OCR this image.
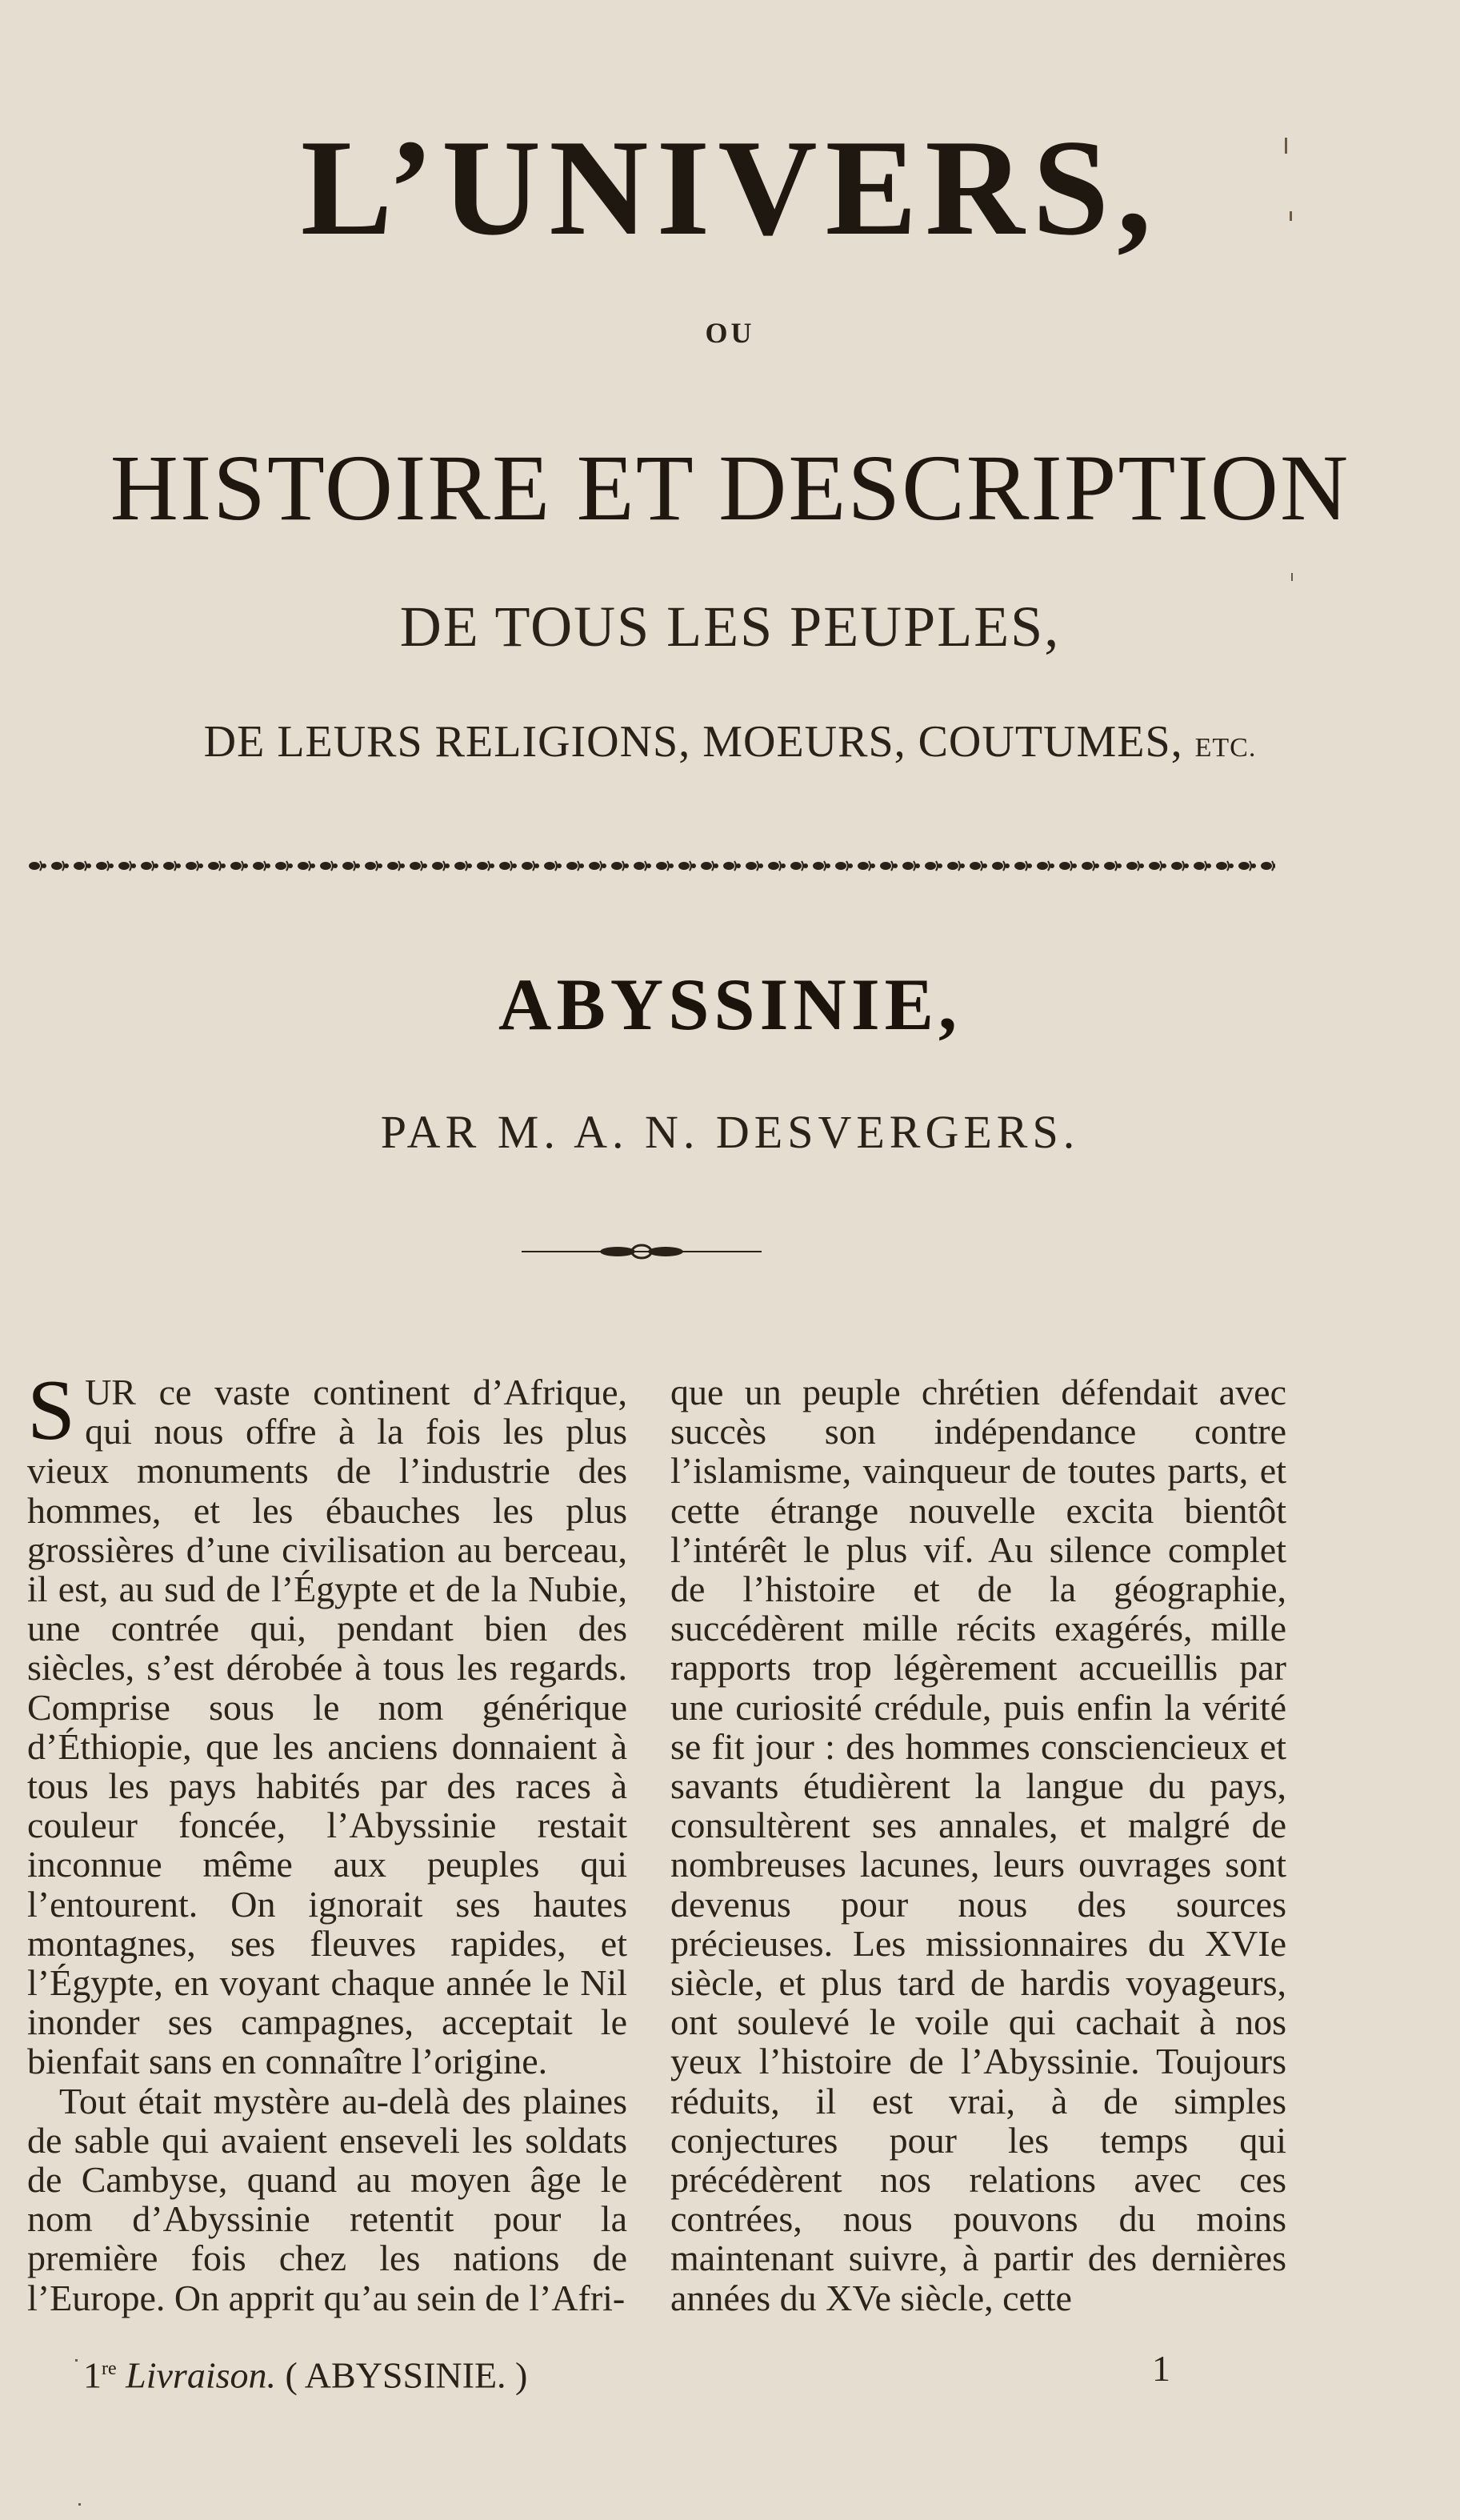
L’UNIVERS,
OU
HISTOIRE ET DESCRIPTION
DE TOUS LES PEUPLES,
DE LEURS RELIGIONS, MOEURS, COUTUMES, ETC.
ABYSSINIE,
PAR M. A. N. DESVERGERS.

SUR ce vaste continent d’Afrique, qui nous offre à la fois les plus vieux monuments de l’industrie des hommes, et les ébauches les plus grossières d’une civilisation au berceau, il est, au sud de l’Égypte et de la Nubie, une contrée qui, pendant bien des siècles, s’est dérobée à tous les regards. Comprise sous le nom générique d’Éthiopie, que les anciens donnaient à tous les pays habités par des races à couleur foncée, l’Abyssinie restait inconnue même aux peuples qui l’entourent. On ignorait ses hautes montagnes, ses fleuves rapides, et l’Égypte, en voyant chaque année le Nil inonder ses campagnes, acceptait le bienfait sans en connaître l’origine.

Tout était mystère au-delà des plaines de sable qui avaient enseveli les soldats de Cambyse, quand au moyen âge le nom d’Abyssinie retentit pour la première fois chez les nations de l’Europe. On apprit qu’au sein de l’Afri-

que un peuple chrétien défendait avec succès son indépendance contre l’islamisme, vainqueur de toutes parts, et cette étrange nouvelle excita bientôt l’intérêt le plus vif. Au silence complet de l’histoire et de la géographie, succédèrent mille récits exagérés, mille rapports trop légèrement accueillis par une curiosité crédule, puis enfin la vérité se fit jour : des hommes consciencieux et savants étudièrent la langue du pays, consultèrent ses annales, et malgré de nombreuses lacunes, leurs ouvrages sont devenus pour nous des sources précieuses. Les missionnaires du XVIe siècle, et plus tard de hardis voyageurs, ont soulevé le voile qui cachait à nos yeux l’histoire de l’Abyssinie. Toujours réduits, il est vrai, à de simples conjectures pour les temps qui précédèrent nos relations avec ces contrées, nous pouvons du moins maintenant suivre, à partir des dernières années du XVe siècle, cette

1re Livraison. ( ABYSSINIE. )	1
